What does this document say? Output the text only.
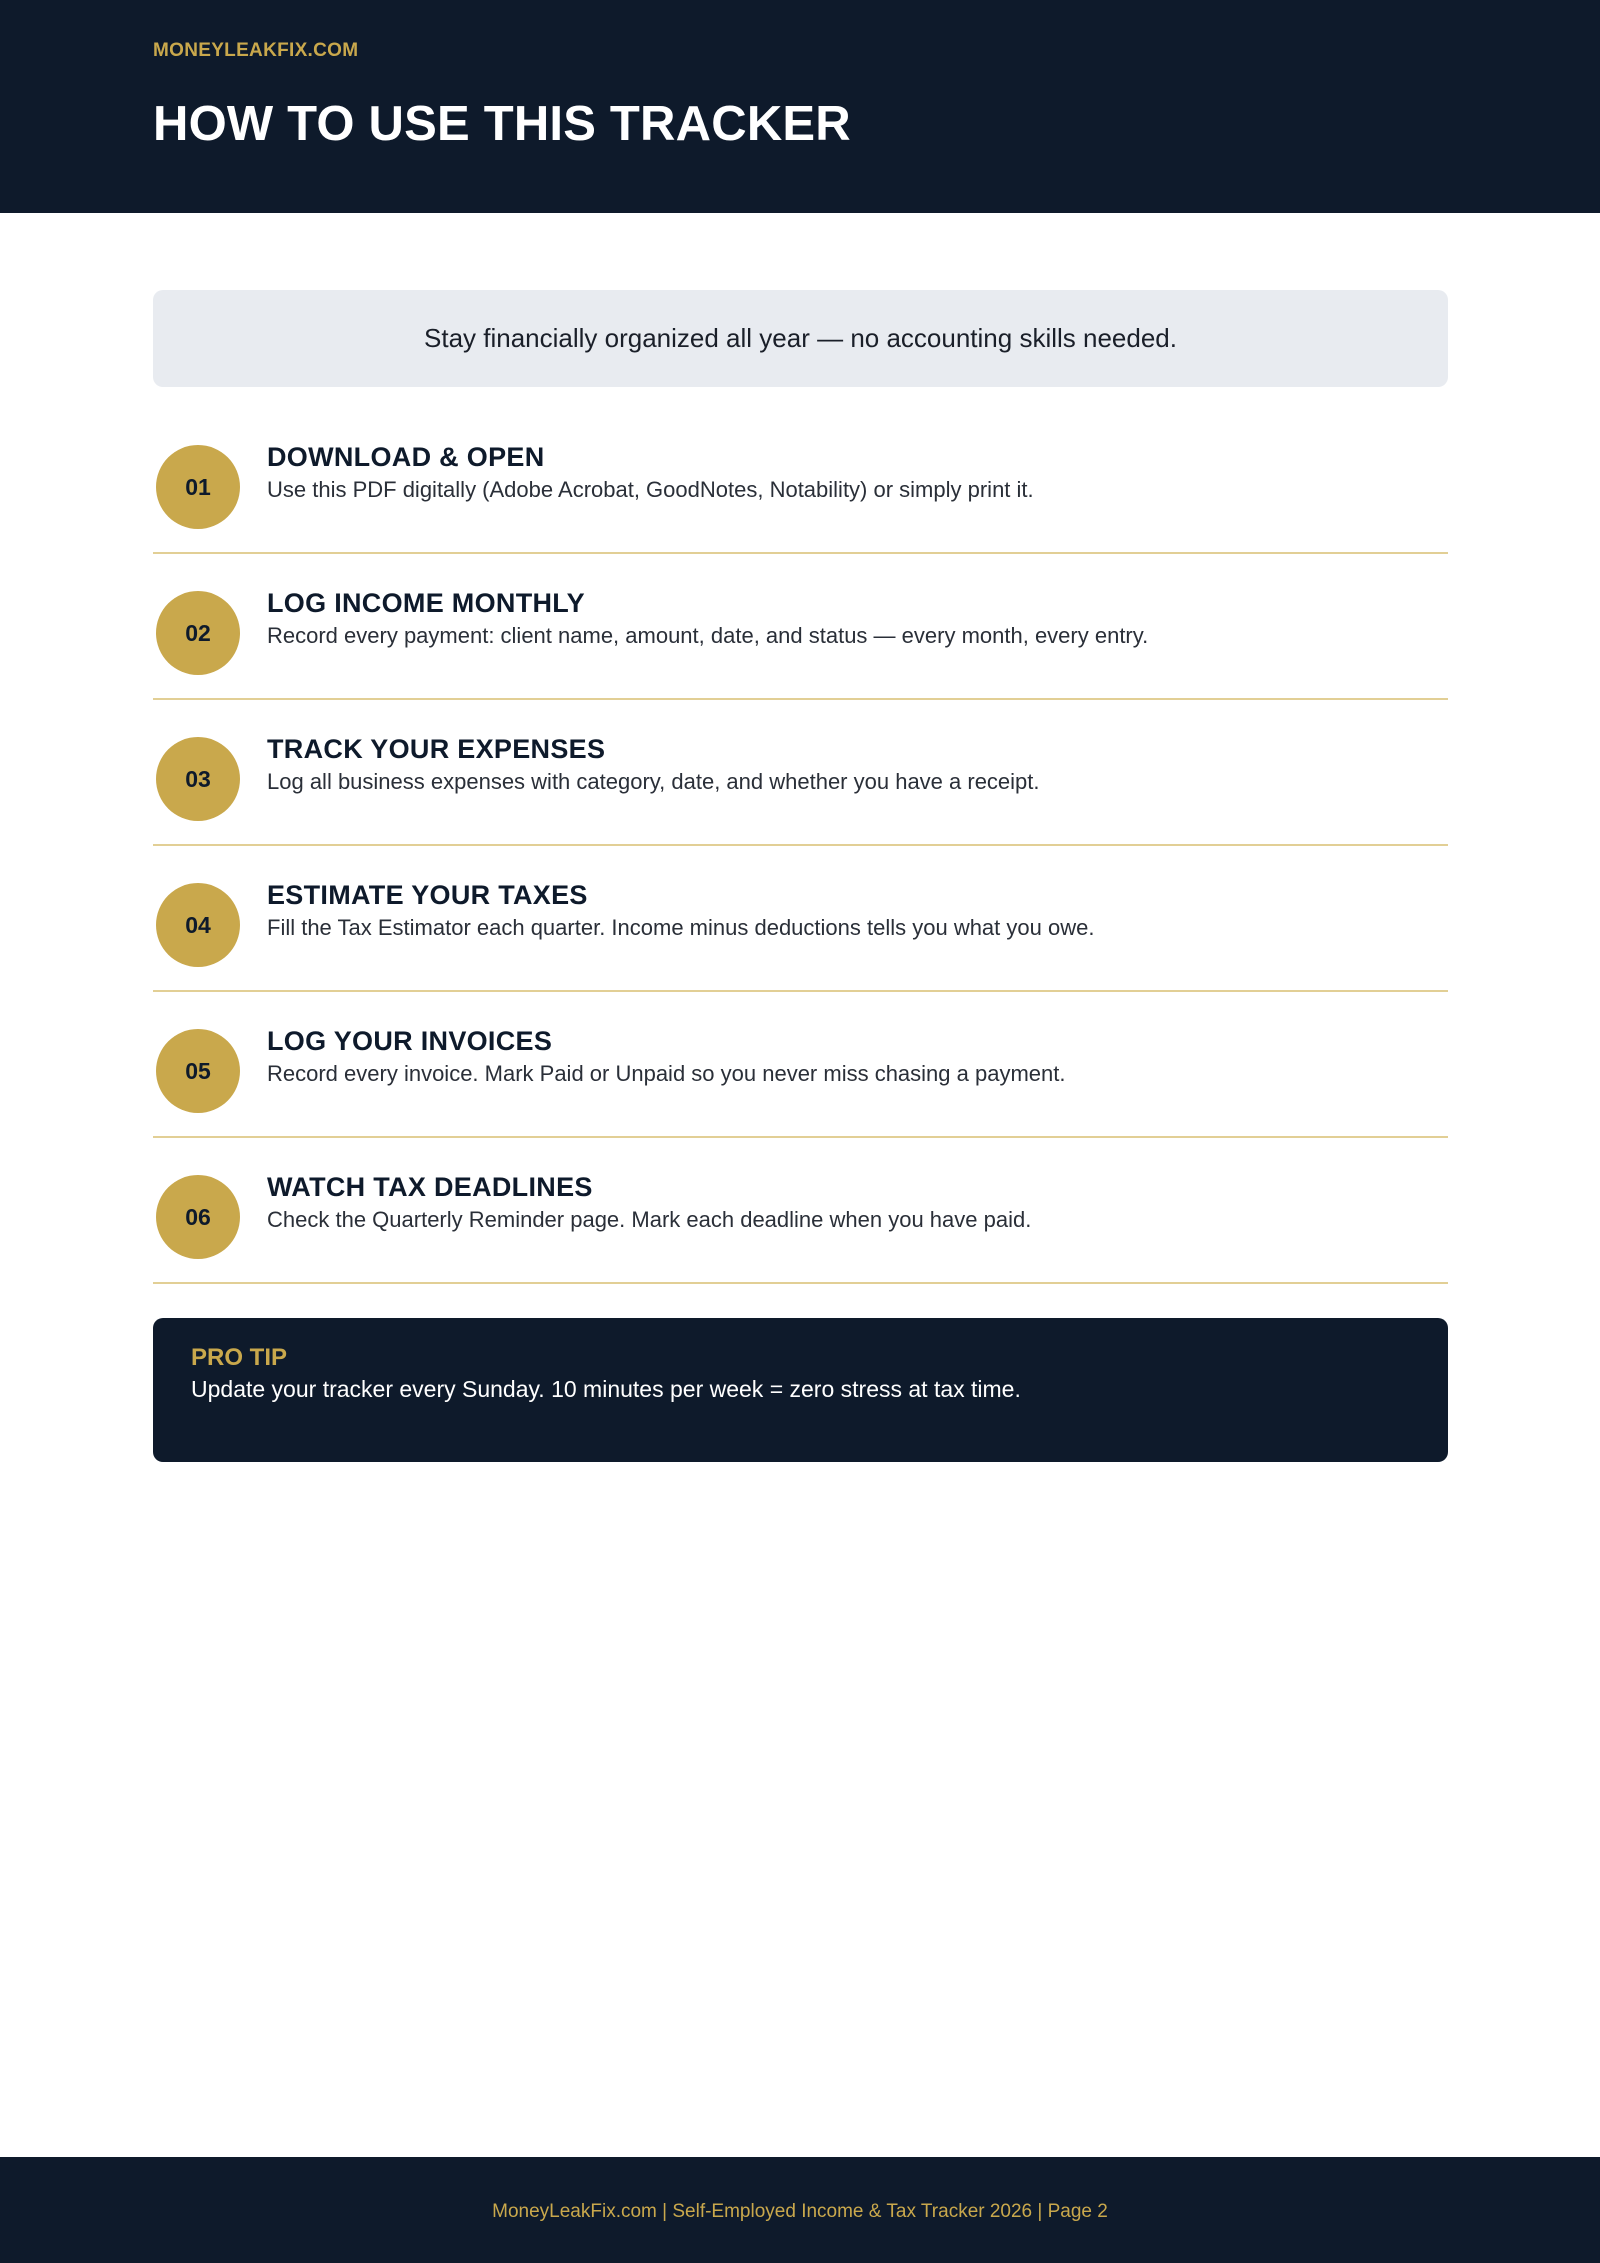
MONEYLEAKFIX.COM

HOW TO USE THIS TRACKER
Stay financially organized all year — no accounting skills needed.
01
DOWNLOAD & OPEN

Use this PDF digitally (Adobe Acrobat, GoodNotes, Notability) or simply print it.

02
LOG INCOME MONTHLY

Record every payment: client name, amount, date, and status — every month, every entry.

03
TRACK YOUR EXPENSES

Log all business expenses with category, date, and whether you have a receipt.

04
ESTIMATE YOUR TAXES

Fill the Tax Estimator each quarter. Income minus deductions tells you what you owe.

05
LOG YOUR INVOICES

Record every invoice. Mark Paid or Unpaid so you never miss chasing a payment.

06
WATCH TAX DEADLINES

Check the Quarterly Reminder page. Mark each deadline when you have paid.

PRO TIP

Update your tracker every Sunday. 10 minutes per week = zero stress at tax time.

MoneyLeakFix.com | Self-Employed Income & Tax Tracker 2026 | Page 2
